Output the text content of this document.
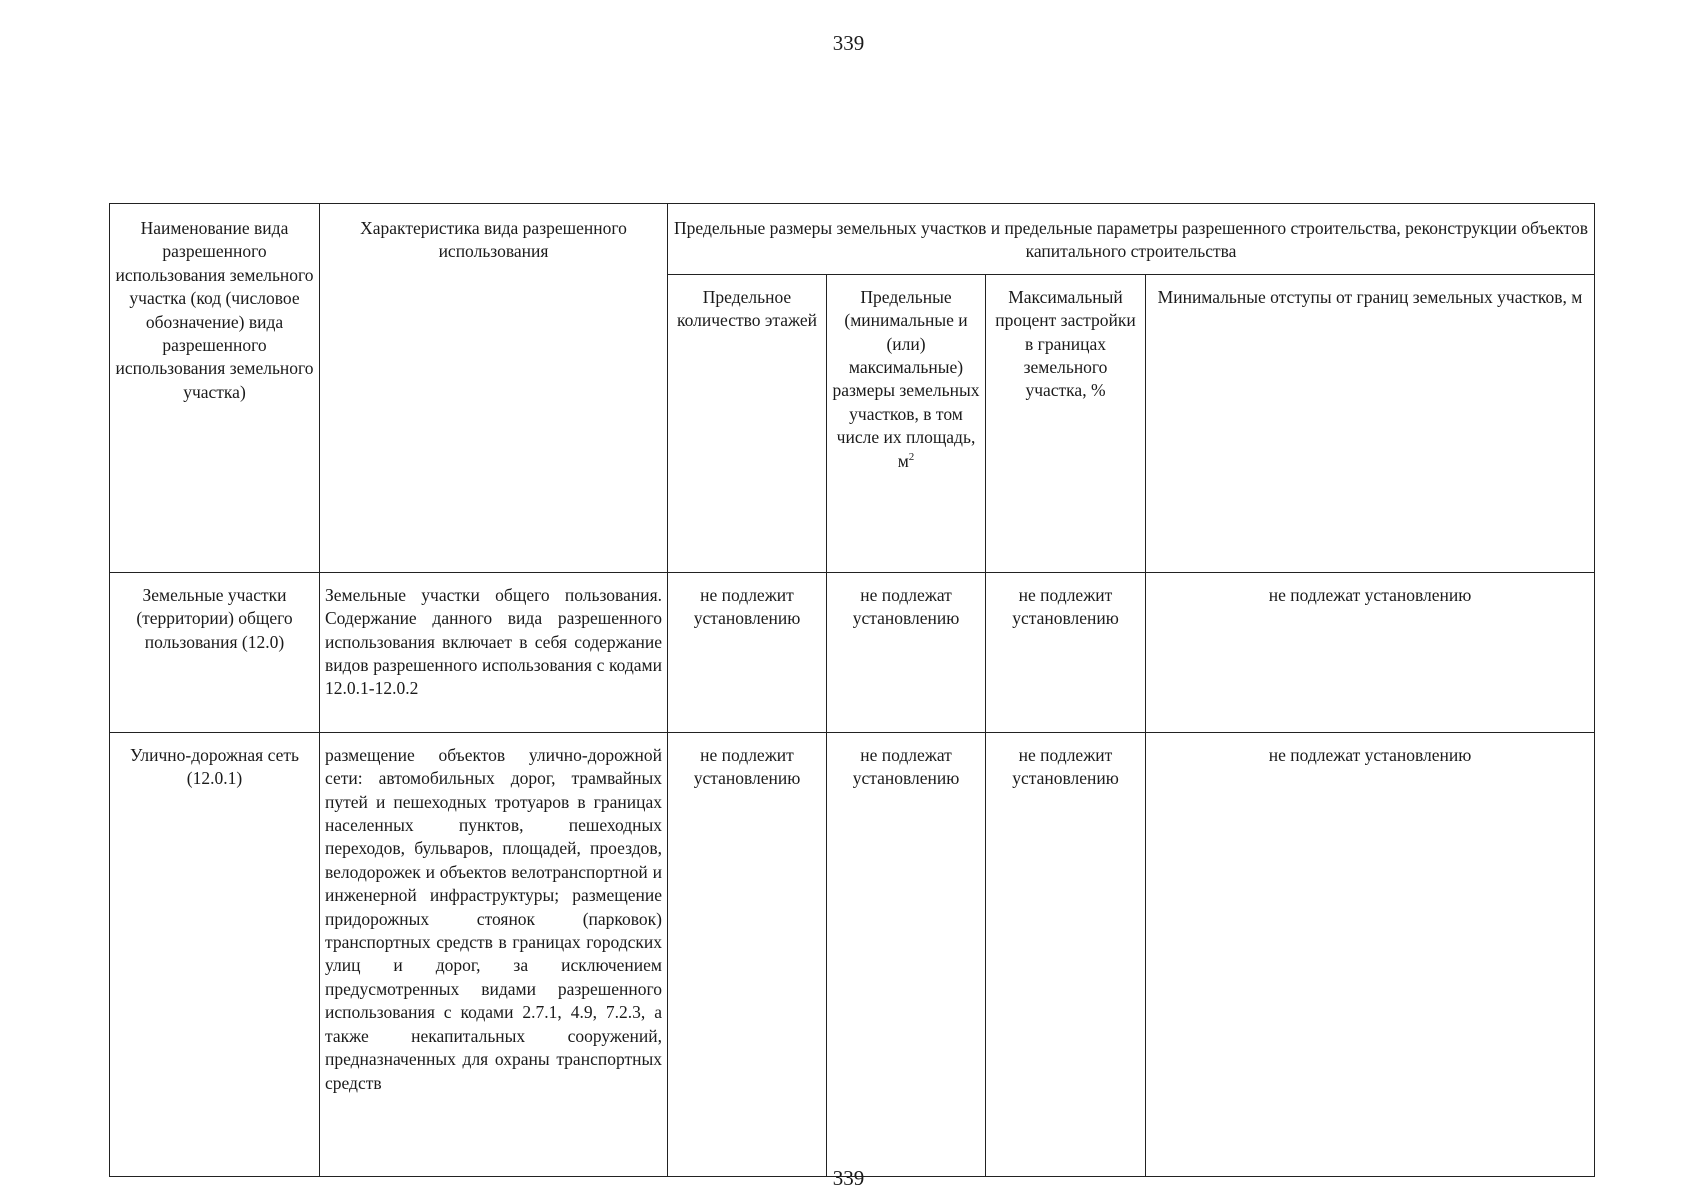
339
Наименование вида разрешенного использования земельного участка (код (числовое обозначение) вида разрешенного использования земельного участка)	Характеристика вида разрешенного использования	Предельные размеры земельных участков и предельные параметры разрешенного строительства, реконструкции объектов капитального строительства			
		Предельное количество этажей	Предельные (минимальные и (или) максимальные) размеры земельных участков, в том числе их площадь, $м^2$	Максимальный процент застройки в границах земельного участка, %	Минимальные отступы от границ земельных участков, м
Земельные участки (территории) общего пользования (12.0)	Земельные участки общего пользования. Содержание данного вида разрешенного использования включает в себя содержание видов разрешенного использования с кодами 12.0.1-12.0.2	не подлежит установлению	не подлежат установлению	не подлежит установлению	не подлежат установлению
Улично-дорожная сеть (12.0.1)	размещение объектов улично-дорожной сети: автомобильных дорог, трамвайных путей и пешеходных тротуаров в границах населенных пунктов, пешеходных переходов, бульваров, площадей, проездов, велодорожек и объектов велотранспортной и инженерной инфраструктуры; размещение придорожных стоянок (парковок) транспортных средств в границах городских улиц и дорог, за исключением предусмотренных видами разрешенного использования с кодами 2.7.1, 4.9, 7.2.3, а также некапитальных сооружений, предназначенных для охраны транспортных средств	не подлежит установлению	не подлежат установлению	не подлежит установлению	не подлежат установлению
339
